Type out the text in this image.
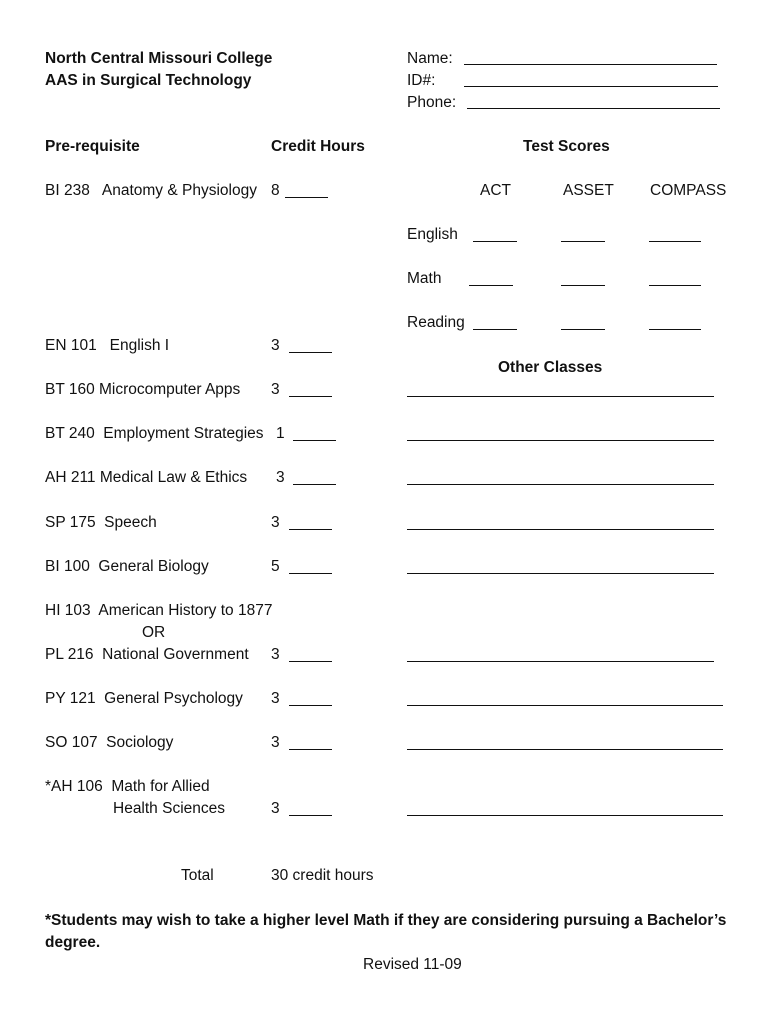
North Central Missouri College
AAS in Surgical Technology
Name:
ID#:
Phone:
Pre-requisite	Credit Hours	Test Scores
ACT	ASSET COMPASS
English
Math
Reading
Other Classes
BI 238   Anatomy & Physiology 8
EN 101   English I	3
BT 160 Microcomputer Apps 3
BT 240  Employment Strategies 1
AH 211 Medical Law & Ethics 3
SP 175  Speech	3
BI 100  General Biology	5
HI 103  American History to 1877
OR
PL 216  National Government 3
PY 121  General Psychology 3
SO 107  Sociology	3
*AH 106  Math for Allied
Health Sciences	3
Total	30 credit hours
*Students may wish to take a higher level Math if they are considering pursuing a Bachelor’s degree.
Revised 11-09
